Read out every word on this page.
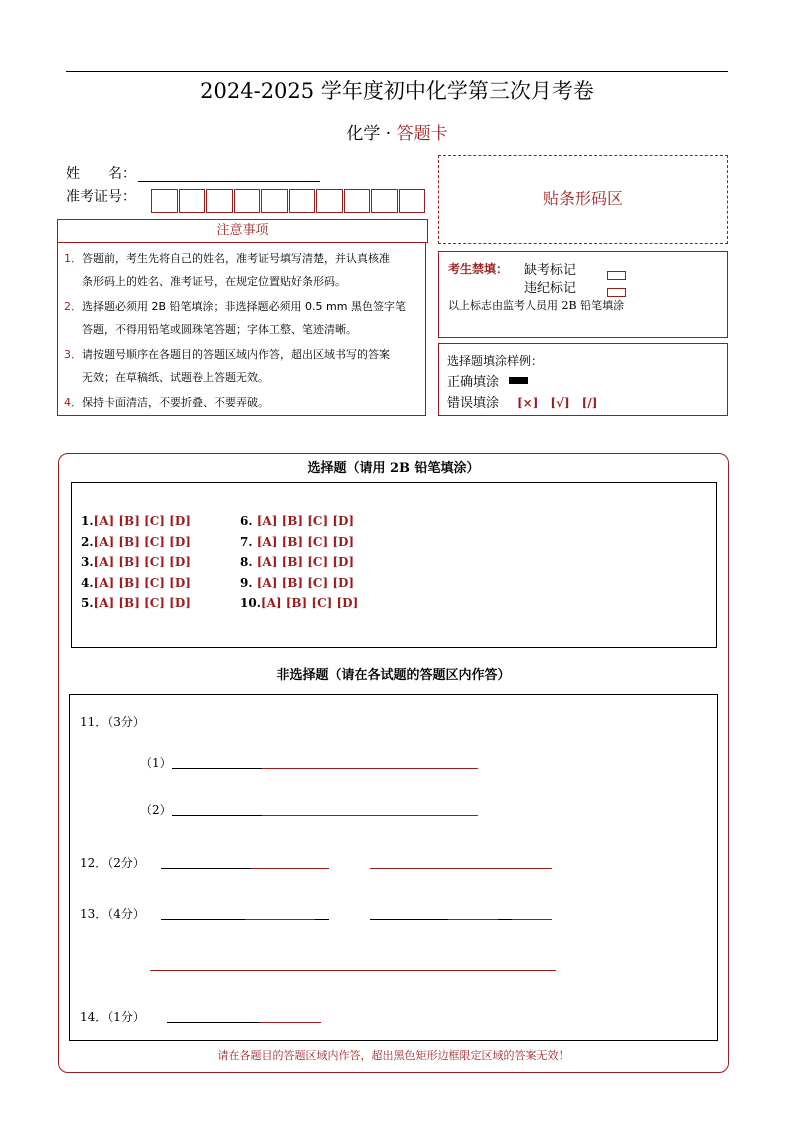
2024-2025 学年度初中化学第三次月考卷
化学 · 答题卡
姓　　名：
准考证号：
注意事项

1．答题前，考生先将自己的姓名，准考证号填写清楚，并认真核准
条形码上的姓名、准考证号，在规定位置贴好条形码。

2．选择题必须用 2B 铅笔填涂；非选择题必须用 0.5 mm 黑色签字笔
答题，不得用铅笔或圆珠笔答题；字体工整、笔迹清晰。

3．请按题号顺序在各题目的答题区域内作答，超出区域书写的答案
无效；在草稿纸、试题卷上答题无效。

4．保持卡面清洁，不要折叠、不要弄破。

贴条形码区
考生禁填： 缺考标记
违纪标记
以上标志由监考人员用 2B 铅笔填涂
选择题填涂样例：
正确填涂
错误填涂 [×]　[√]　[/]
选择题（请用 2B 铅笔填涂）
1.[A] [B] [C] [D]
2.[A] [B] [C] [D]
3.[A] [B] [C] [D]
4.[A] [B] [C] [D]
5.[A] [B] [C] [D]
6. [A] [B] [C] [D]
7. [A] [B] [C] [D]
8. [A] [B] [C] [D]
9. [A] [B] [C] [D]
10.[A] [B] [C] [D]
非选择题（请在各试题的答题区内作答）
11．（3分）
（1）
（2）
12．（2分）
13．（4分）
14．（1分）
请在各题目的答题区域内作答，超出黑色矩形边框限定区域的答案无效！
